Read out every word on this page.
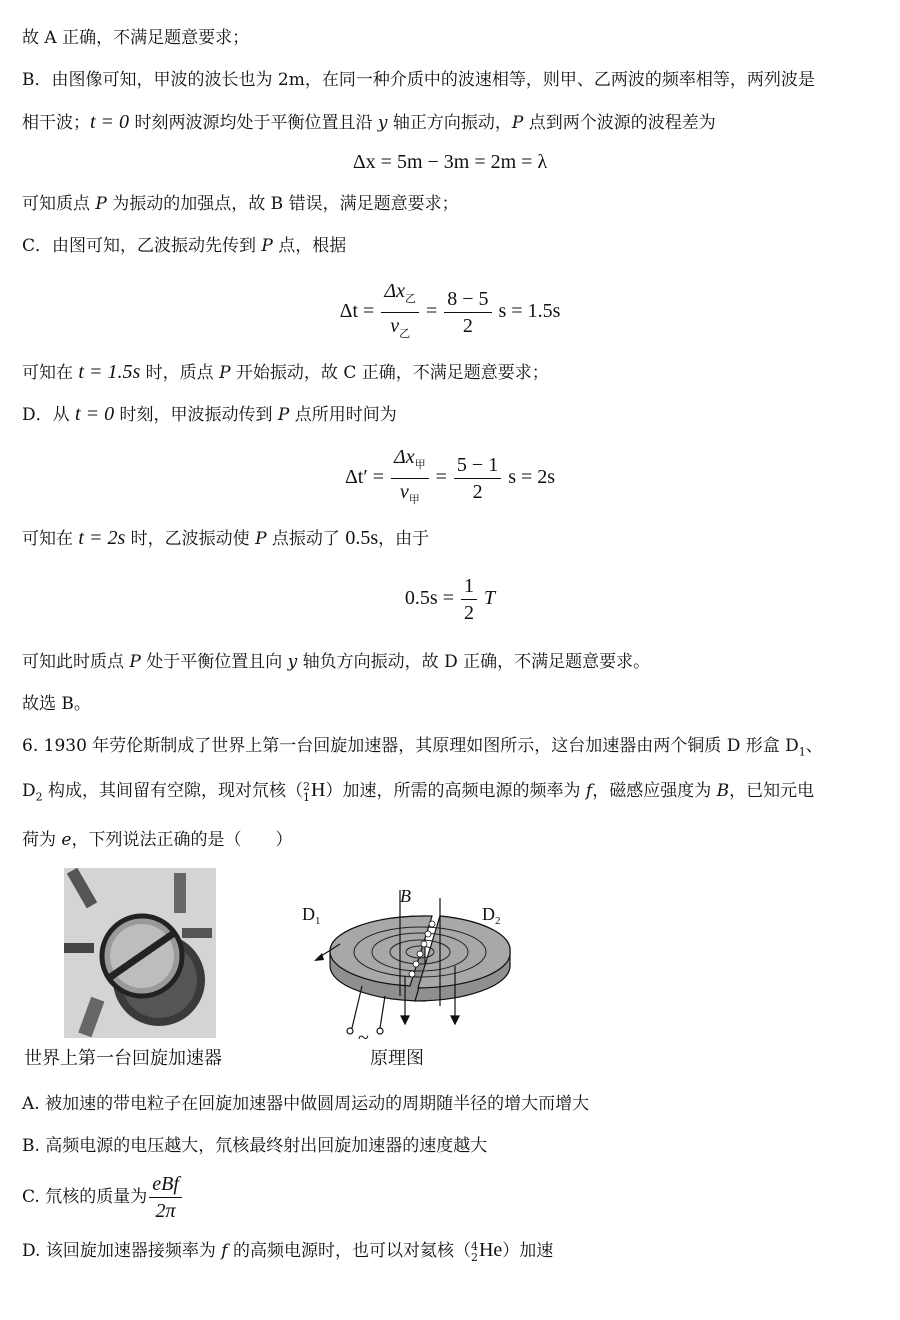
故 A 正确，不满足题意要求；
B．由图像可知，甲波的波长也为 2m，在同一种介质中的波速相等，则甲、乙两波的频率相等，两列波是
相干波；t = 0 时刻两波源均处于平衡位置且沿 y 轴正方向振动，P 点到两个波源的波程差为
Δx = 5m − 3m = 2m = λ
可知质点 P 为振动的加强点，故 B 错误，满足题意要求；
C．由图可知，乙波振动先传到 P 点，根据
$\Delta t = \frac{\Delta x_乙}{v_乙} = \frac{8 - 5}{2}$ s = 1.5s
可知在 t = 1.5s 时，质点 P 开始振动，故 C 正确，不满足题意要求；
D．从 t = 0 时刻，甲波振动传到 P 点所用时间为
$\Delta t' = \frac{\Delta x_甲}{v_甲} = \frac{5 - 1}{2}$ s = 2s
可知在 t = 2s 时，乙波振动使 P 点振动了 0.5s，由于
$0.5s = \frac{1}{2}$ T
可知此时质点 P 处于平衡位置且向 y 轴负方向振动，故 D 正确，不满足题意要求。
故选 B。
6. 1930 年劳伦斯制成了世界上第一台回旋加速器，其原理如图所示，这台加速器由两个铜质 D 形盒 $D_1$、
$D_2$ 构成，其间留有空隙，现对氘核（2
1H）加速，所需的高频电源的频率为 f，磁感应强度为 B，已知元电
荷为 e，下列说法正确的是（　　）
世界上第一台回旋加速器
$D_1$	$D_2$
B
~
原理图
A. 被加速的带电粒子在回旋加速器中做圆周运动的周期随半径的增大而增大
B. 高频电源的电压越大，氘核最终射出回旋加速器的速度越大
C. 氘核的质量为 $\frac{\text{eBf}}{2\pi}$
D. 该回旋加速器接频率为 f 的高频电源时，也可以对氦核（4
2He）加速
